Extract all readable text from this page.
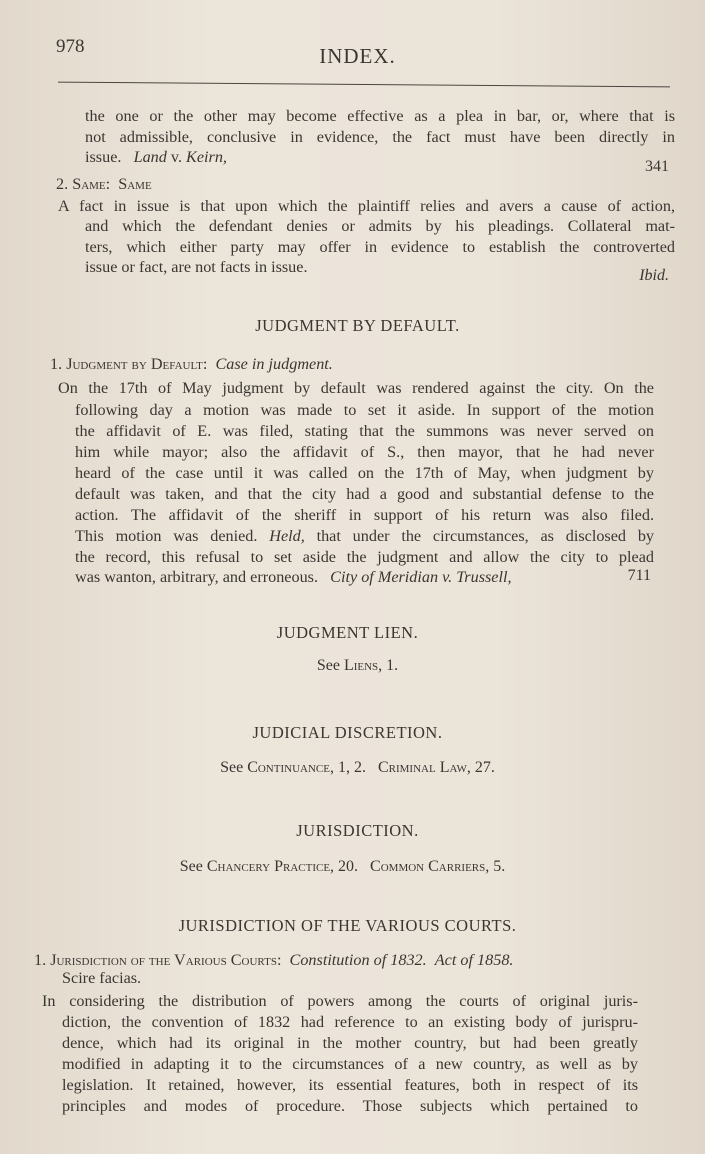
978	INDEX.
the one or the other may become effective as a plea in bar, or, where that is
not admissible, conclusive in evidence, the fact must have been directly in
issue. Land v. Keirn,
341
2. Same: Same
A fact in issue is that upon which the plaintiff relies and avers a cause of action,
and which the defendant denies or admits by his pleadings. Collateral mat-
ters, which either party may offer in evidence to establish the controverted
issue or fact, are not facts in issue.	Ibid.
JUDGMENT BY DEFAULT.
1. Judgment by Default: Case in judgment.
On the 17th of May judgment by default was rendered against the city. On the
following day a motion was made to set it aside. In support of the motion
the affidavit of E. was filed, stating that the summons was never served on
him while mayor; also the affidavit of S., then mayor, that he had never
heard of the case until it was called on the 17th of May, when judgment by
default was taken, and that the city had a good and substantial defense to the
action. The affidavit of the sheriff in support of his return was also filed.
This motion was denied. Held, that under the circumstances, as disclosed by
the record, this refusal to set aside the judgment and allow the city to plead
was wanton, arbitrary, and erroneous. City of Meridian v. Trussell,	711
JUDGMENT LIEN.
See Liens, 1.
JUDICIAL DISCRETION.
See Continuance, 1, 2. Criminal Law, 27.
JURISDICTION.
See Chancery Practice, 20. Common Carriers, 5.
JURISDICTION OF THE VARIOUS COURTS.
1. Jurisdiction of the Various Courts: Constitution of 1832. Act of 1858.
Scire facias.
In considering the distribution of powers among the courts of original juris-
diction, the convention of 1832 had reference to an existing body of jurispru-
dence, which had its original in the mother country, but had been greatly
modified in adapting it to the circumstances of a new country, as well as by
legislation. It retained, however, its essential features, both in respect of its
principles and modes of procedure. Those subjects which pertained to
